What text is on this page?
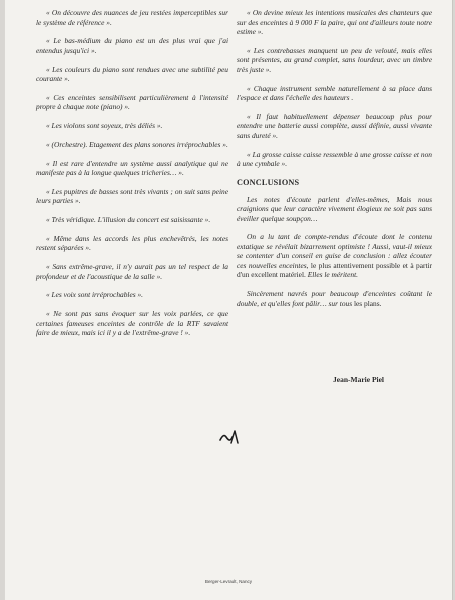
« On découvre des nuances de jeu restées imperceptibles sur le système de référence ».

« Le bas-médium du piano est un des plus vrai que j'ai entendus jusqu'ici ».

« Les couleurs du piano sont rendues avec une subtilité peu courante ».

« Ces enceintes sensibilisent particulièrement à l'intensité propre à chaque note (piano) ».

« Les violons sont soyeux, très déliés ».

« (Orchestre). Etagement des plans sonores irréprochables ».

« Il est rare d'entendre un système aussi analytique qui ne manifeste pas à la longue quelques tricheries… ».

« Les pupitres de basses sont très vivants ; on suit sans peine leurs parties ».

« Très véridique. L'illusion du concert est saisissante ».

« Même dans les accords les plus enchevêtrés, les notes restent séparées ».

« Sans extrême-grave, il n'y aurait pas un tel respect de la profondeur et de l'acoustique de la salle ».

« Les voix sont irréprochables ».

« Ne sont pas sans évoquer sur les voix parlées, ce que certaines fameuses enceintes de contrôle de la RTF savaient faire de mieux, mais ici il y a de l'extrême-grave ! ».

« On devine mieux les intentions musicales des chanteurs que sur des enceintes à 9 000 F la paire, qui ont d'ailleurs toute notre estime ».

« Les contrebasses manquent un peu de velouté, mais elles sont présentes, au grand complet, sans lourdeur, avec un timbre très juste ».

« Chaque instrument semble naturellement à sa place dans l'espace et dans l'échelle des hauteurs .

« Il faut habituellement dépenser beaucoup plus pour entendre une batterie aussi complète, aussi définie, aussi vivante sans dureté ».

« La grosse caisse caisse ressemble à une grosse caisse et non à une cymbale ».

CONCLUSIONS

Les notes d'écoute parlent d'elles-mêmes, Mais nous craignions que leur caractère vivement élogieux ne soit pas sans éveiller quelque soupçon…

On a lu tant de compte-rendus d'écoute dont le contenu extatique se révélait bizarrement optimiste ! Aussi, vaut-il mieux se contenter d'un conseil en guise de conclusion : allez écouter ces nouvelles enceintes, le plus attentivement possible et à partir d'un excellent matériel. Elles le méritent.

Sincèrement navrés pour beaucoup d'enceintes coûtant le double, et qu'elles font pâlir… sur tous les plans.

Jean-Marie Piel
Berger-Levrault, Nancy
